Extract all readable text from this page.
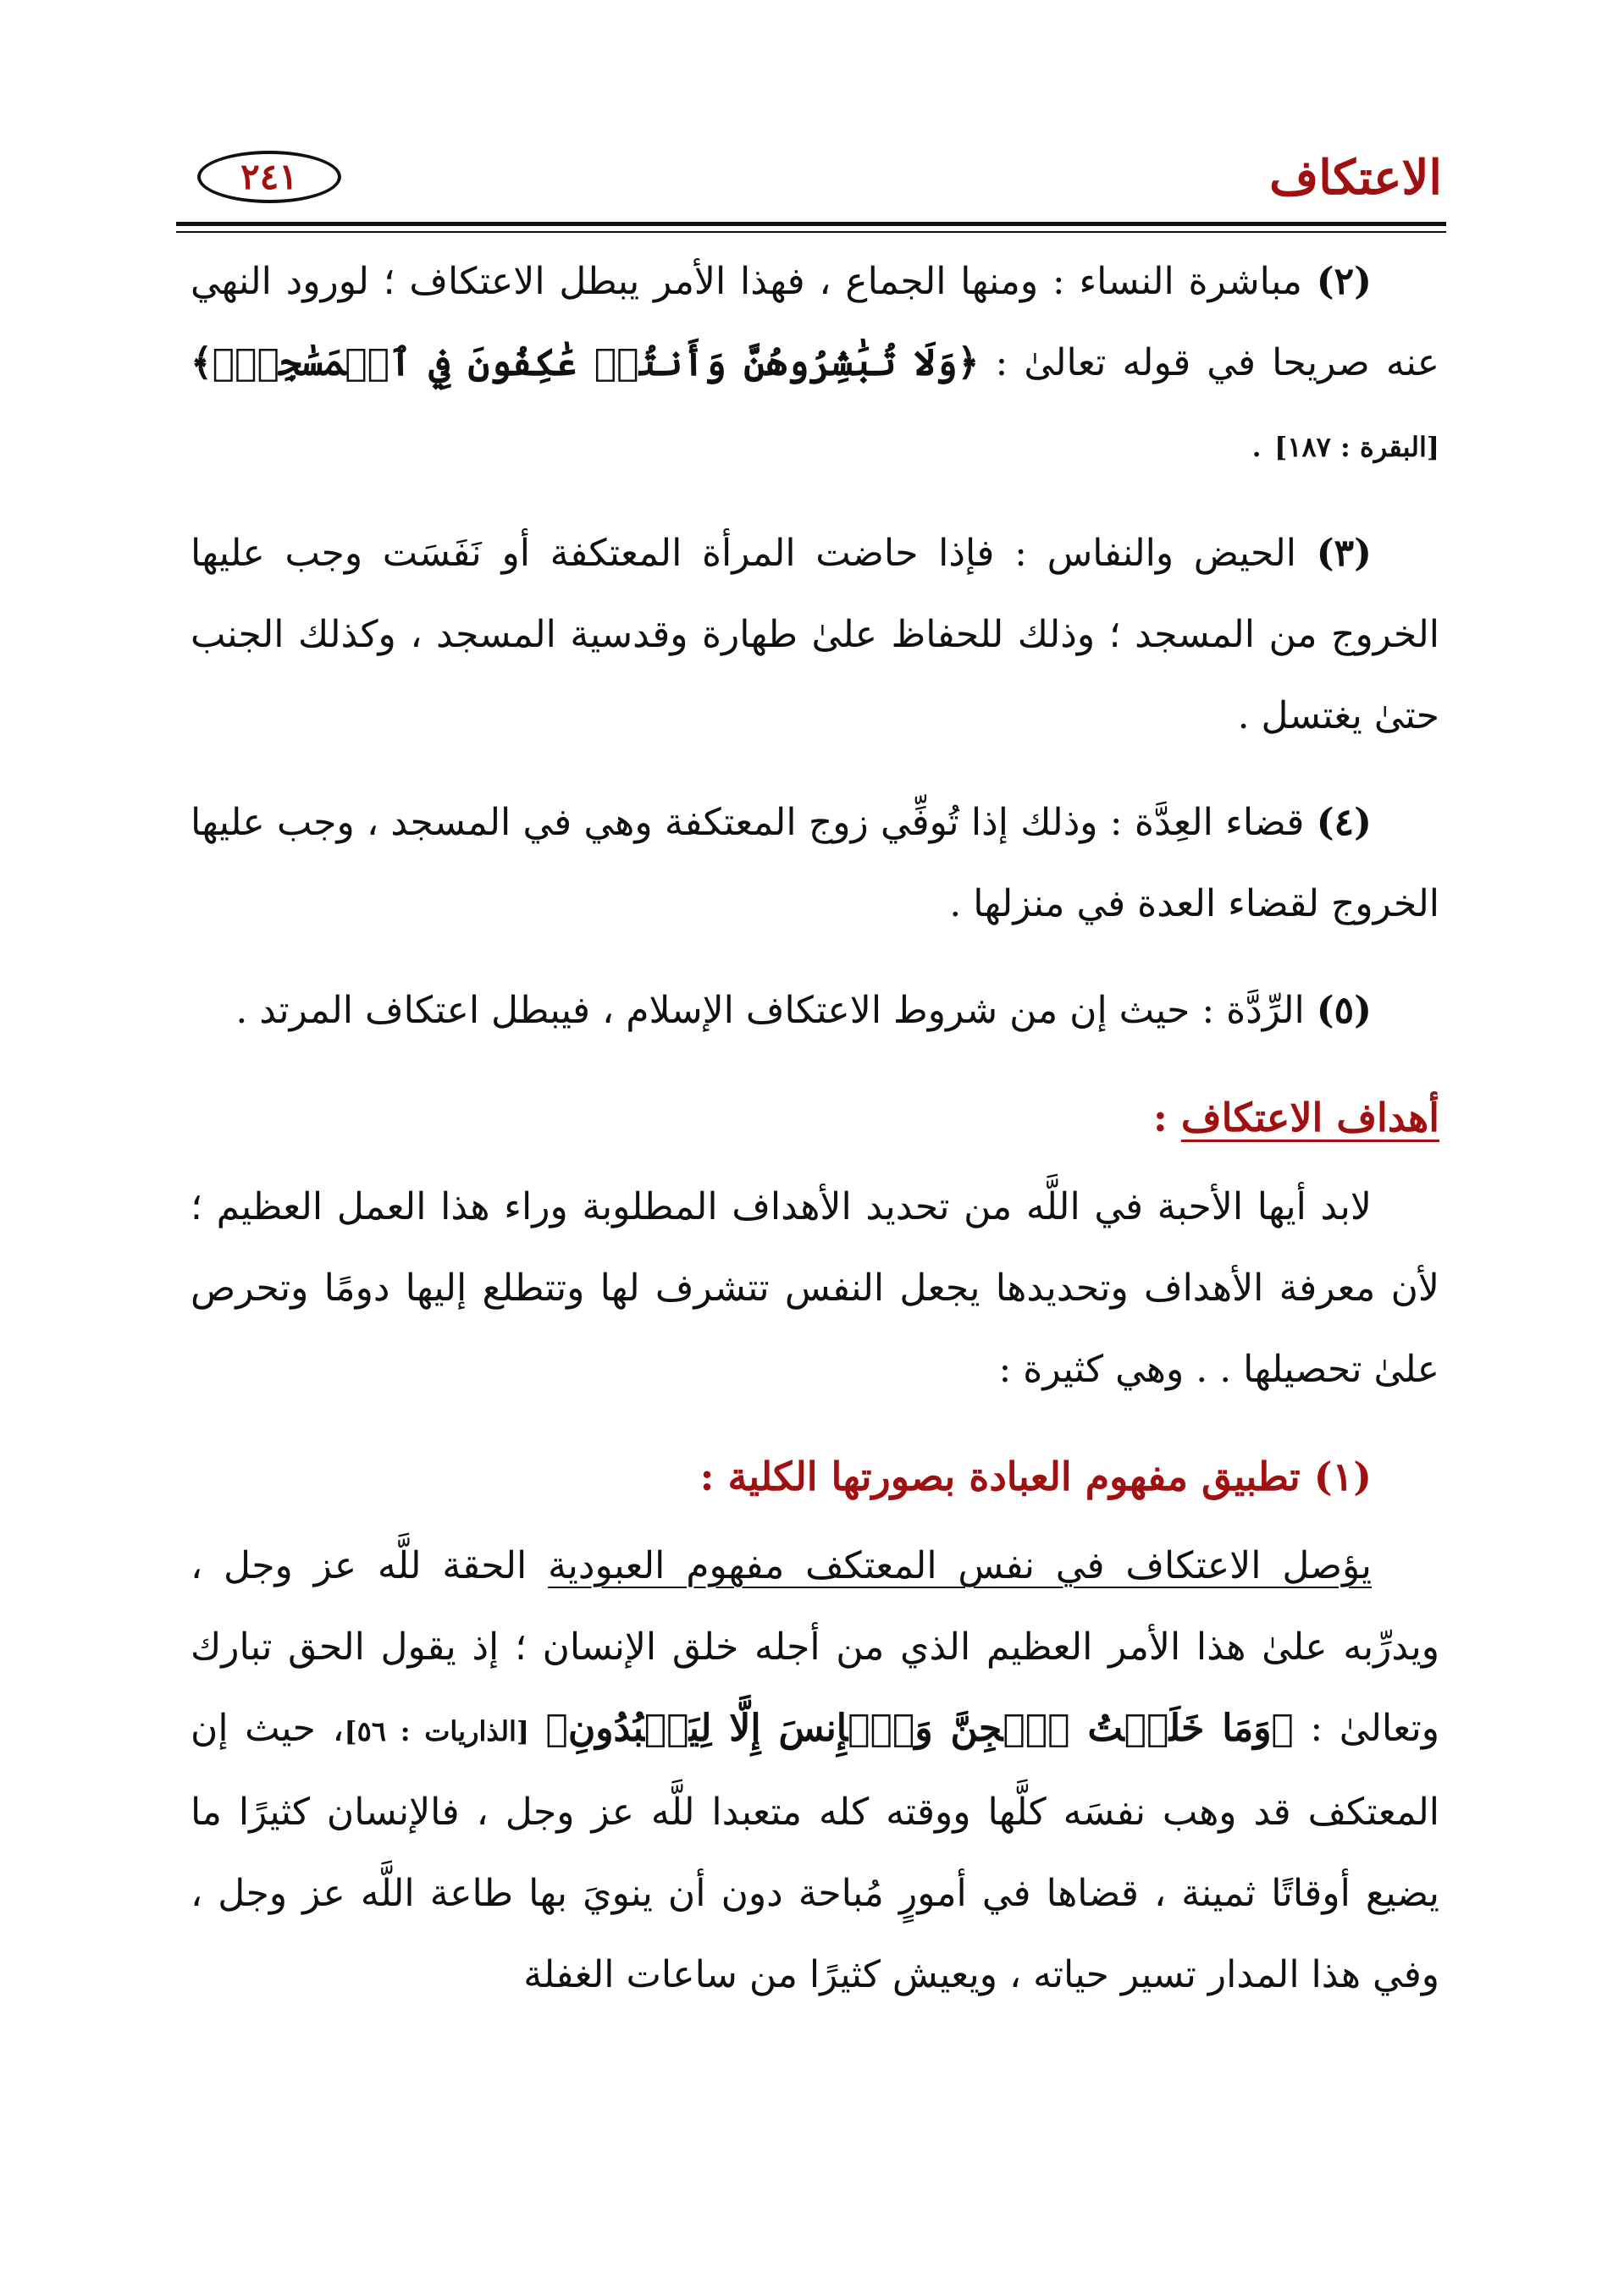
الاعتكاف
٢٤١

(٢) مباشرة النساء : ومنها الجماع ، فهذا الأمر يبطل الاعتكاف ؛ لورود النهي عنه صريحا في قوله تعالىٰ : ﴿وَلَا تُبَٰشِرُوهُنَّ وَأَنتُمۡ عَٰكِفُونَ فِي ٱلۡمَسَٰجِدِۗ﴾ [البقرة : ١٨٧] .

(٣) الحيض والنفاس : فإذا حاضت المرأة المعتكفة أو نَفَسَت وجب عليها الخروج من المسجد ؛ وذلك للحفاظ علىٰ طهارة وقدسية المسجد ، وكذلك الجنب حتىٰ يغتسل .

(٤) قضاء العِدَّة : وذلك إذا تُوفِّي زوج المعتكفة وهي في المسجد ، وجب عليها الخروج لقضاء العدة في منزلها .

(٥) الرِّدَّة : حيث إن من شروط الاعتكاف الإسلام ، فيبطل اعتكاف المرتد .

أهداف الاعتكاف :

لابد أيها الأحبة في اللَّه من تحديد الأهداف المطلوبة وراء هذا العمل العظيم ؛ لأن معرفة الأهداف وتحديدها يجعل النفس تتشرف لها وتتطلع إليها دومًا وتحرص علىٰ تحصيلها . . وهي كثيرة :

(١) تطبيق مفهوم العبادة بصورتها الكلية :

يؤصل الاعتكاف في نفس المعتكف مفهوم العبودية الحقة للَّه عز وجل ، ويدرِّبه علىٰ هذا الأمر العظيم الذي من أجله خلق الإنسان ؛ إذ يقول الحق تبارك وتعالىٰ : ﴿وَمَا خَلَقۡتُ ٱلۡجِنَّ وَٱلۡإِنسَ إِلَّا لِيَعۡبُدُونِ﴾ [الذاريات : ٥٦]، حيث إن المعتكف قد وهب نفسَه كلَّها ووقته كله متعبدا للَّه عز وجل ، فالإنسان كثيرًا ما يضيع أوقاتًا ثمينة ، قضاها في أمورٍ مُباحة دون أن ينويَ بها طاعة اللَّه عز وجل ، وفي هذا المدار تسير حياته ، ويعيش كثيرًا من ساعات الغفلة
